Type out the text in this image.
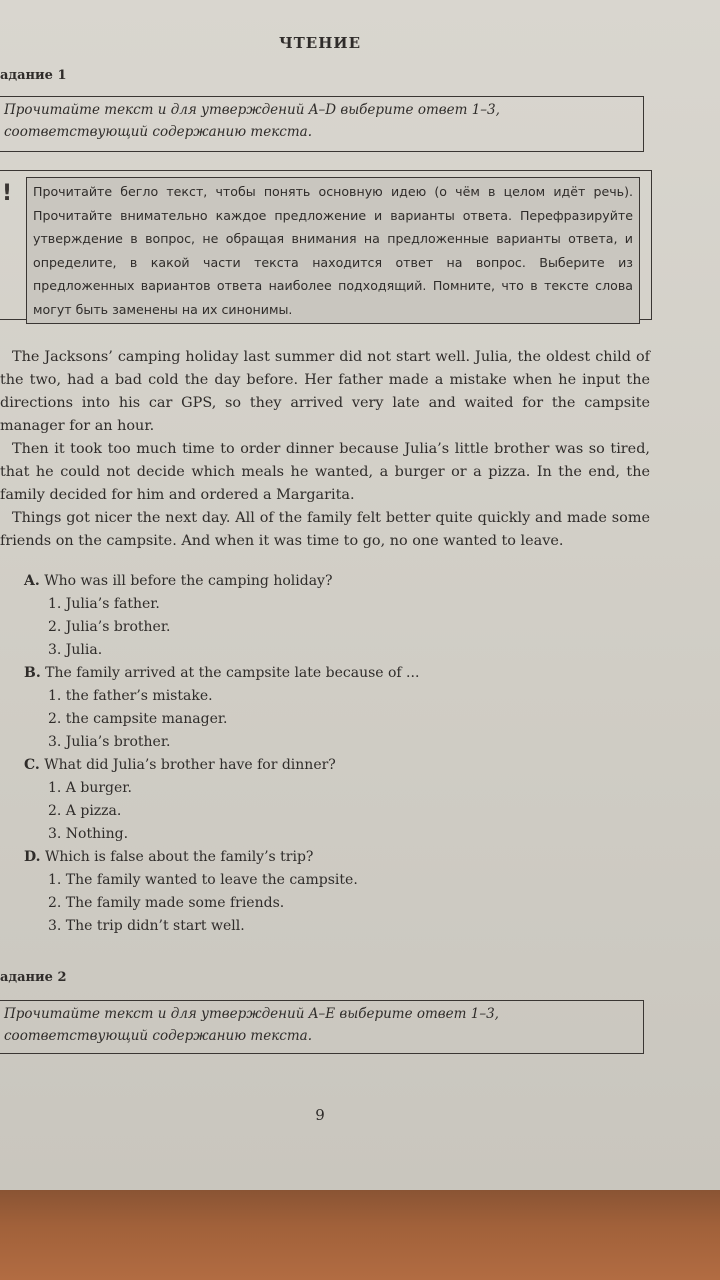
ЧТЕНИЕ
адание 1
Прочитайте текст и для утверждений A–D выберите ответ 1–3, соответствующий содержанию текста.
!	Прочитайте бегло текст, чтобы понять основную идею (о чём в целом идёт речь). Прочитайте внимательно каждое предложение и варианты ответа. Перефразируйте утверждение в вопрос, не обращая внимания на предложенные варианты ответа, и определите, в какой части текста находится ответ на вопрос. Выберите из предложенных вариантов ответа наиболее подходящий. Помните, что в тексте слова могут быть заменены на их синонимы.

The Jacksons’ camping holiday last summer did not start well. Julia, the oldest child of the two, had a bad cold the day before. Her father made a mistake when he input the directions into his car GPS, so they arrived very late and waited for the campsite manager for an hour.

Then it took too much time to order dinner because Julia’s little brother was so tired, that he could not decide which meals he wanted, a burger or a pizza. In the end, the family decided for him and ordered a Margarita.

Things got nicer the next day. All of the family felt better quite quickly and made some friends on the campsite. And when it was time to go, no one wanted to leave.

A. Who was ill before the camping holiday?

1. Julia’s father.

2. Julia’s brother.

3. Julia.

B. The family arrived at the campsite late because of ...

1. the father’s mistake.

2. the campsite manager.

3. Julia’s brother.

C. What did Julia’s brother have for dinner?

1. A burger.

2. A pizza.

3. Nothing.

D. Which is false about the family’s trip?

1. The family wanted to leave the campsite.

2. The family made some friends.

3. The trip didn’t start well.

адание 2
Прочитайте текст и для утверждений A–E выберите ответ 1–3, соответствующий содержанию текста.
9
